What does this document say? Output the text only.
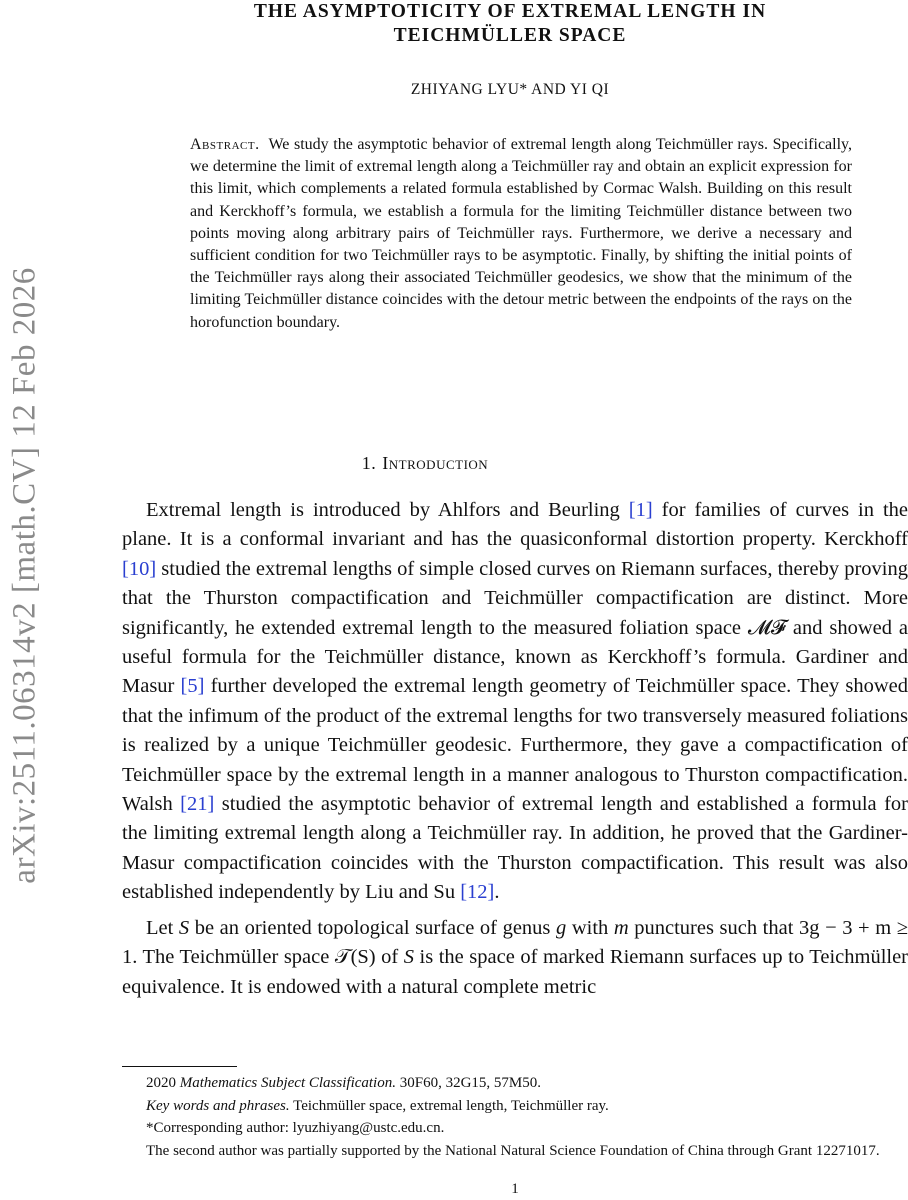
arXiv:2511.06314v2 [math.CV] 12 Feb 2026
THE ASYMPTOTICITY OF EXTREMAL LENGTH IN
TEICHMÜLLER SPACE
ZHIYANG LYU* AND YI QI
Abstract. We study the asymptotic behavior of extremal length along Teichmüller rays. Specifically, we determine the limit of extremal length along a Teichmüller ray and obtain an explicit expression for this limit, which complements a related formula established by Cormac Walsh. Building on this result and Kerckhoff’s formula, we establish a formula for the limiting Teichmüller distance between two points moving along arbitrary pairs of Teichmüller rays. Furthermore, we derive a necessary and sufficient condition for two Teichmüller rays to be asymptotic. Finally, by shifting the initial points of the Teichmüller rays along their associated Teichmüller geodesics, we show that the minimum of the limiting Teichmüller distance coincides with the detour metric between the endpoints of the rays on the horofunction boundary.
1. Introduction

Extremal length is introduced by Ahlfors and Beurling [1] for families of curves in the plane. It is a conformal invariant and has the quasiconformal distortion property. Kerckhoff [10] studied the extremal lengths of simple closed curves on Riemann surfaces, thereby proving that the Thurston compactification and Teichmüller compactification are distinct. More significantly, he extended extremal length to the measured foliation space 𝓜𝓕 and showed a useful formula for the Teichmüller distance, known as Kerckhoff’s formula. Gardiner and Masur [5] further developed the extremal length geometry of Teichmüller space. They showed that the infimum of the product of the extremal lengths for two transversely measured foliations is realized by a unique Teichmüller geodesic. Furthermore, they gave a compactification of Teichmüller space by the extremal length in a manner analogous to Thurston compactification. Walsh [21] studied the asymptotic behavior of extremal length and established a formula for the limiting extremal length along a Teichmüller ray. In addition, he proved that the Gardiner-Masur compactification coincides with the Thurston compactification. This result was also established independently by Liu and Su [12].

Let S be an oriented topological surface of genus g with m punctures such that 3g − 3 + m ≥ 1. The Teichmüller space 𝒯(S) of S is the space of marked Riemann surfaces up to Teichmüller equivalence. It is endowed with a natural complete metric

2020 Mathematics Subject Classification. 30F60, 32G15, 57M50.
Key words and phrases. Teichmüller space, extremal length, Teichmüller ray.
*Corresponding author: lyuzhiyang@ustc.edu.cn.
The second author was partially supported by the National Natural Science Foundation of China through Grant 12271017.
1
